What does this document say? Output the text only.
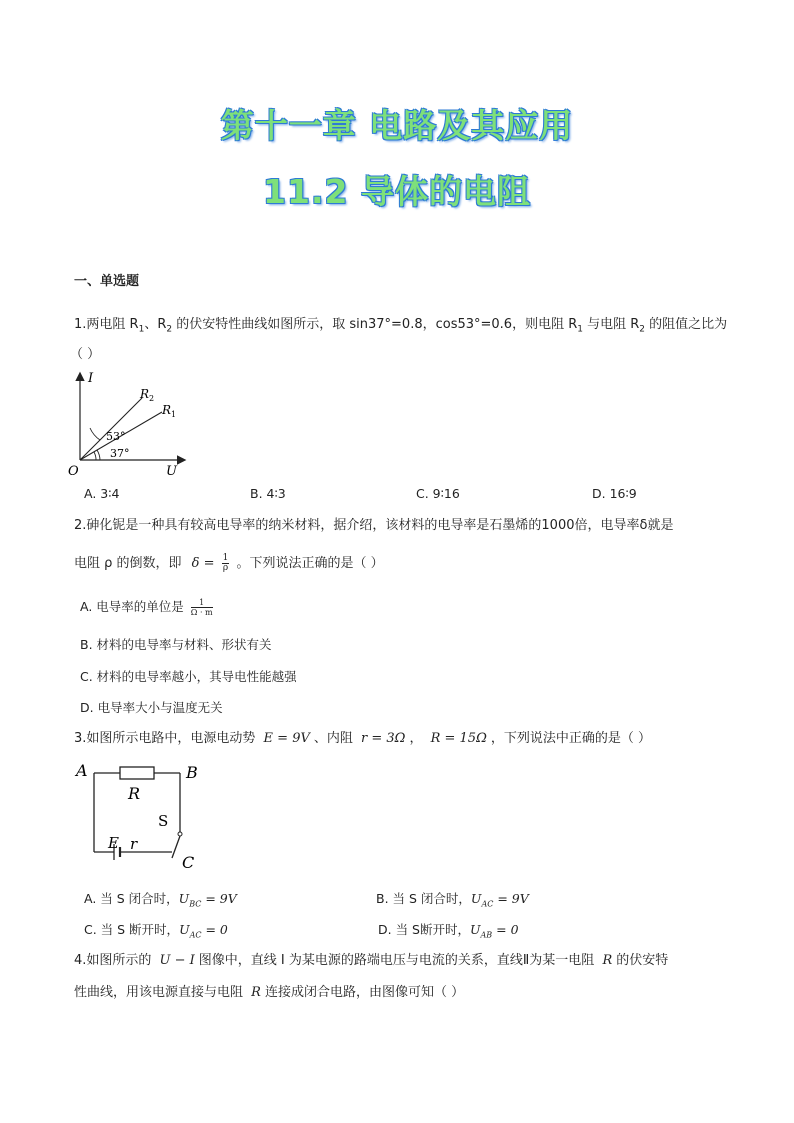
第十一章 电路及其应用
11.2 导体的电阻
一、单选题
1.两电阻 $R_1$、$R_2$ 的伏安特性曲线如图所示，取 sin37°=0.8，cos53°=0.6，则电阻 $R_1$ 与电阻 $R_2$ 的阻值之比为
（ ）
I
U
O
$R_2$
$R_1$
53°
37°
A. 3∶4	B. 4∶3	C. 9∶16	D. 16∶9
2.砷化铌是一种具有较高电导率的纳米材料，据介绍，该材料的电导率是石墨烯的1000倍，电导率δ就是
电阻 ρ 的倒数，即 $\delta = \frac{1}{\rho}$ 。下列说法正确的是（ ）
A. 电导率的单位是 $\frac{1}{\Omega \cdot m}$
B. 材料的电导率与材料、形状有关
C. 材料的电导率越小，其导电性能越强
D. 电导率大小与温度无关
3.如图所示电路中，电源电动势 E = 9V 、内阻 r = 3Ω ， R = 15Ω ，下列说法中正确的是（ ）
A	B
R
S
E r
C
A. 当 S 闭合时，$U_{BC} = 9V$	B. 当 S 闭合时，$U_{AC} = 9V$
C. 当 S 断开时，$U_{AC} = 0$	D. 当 S断开时，$U_{AB} = 0$
4.如图所示的 U − I 图像中，直线 I 为某电源的路端电压与电流的关系，直线Ⅱ为某一电阻 R 的伏安特
性曲线，用该电源直接与电阻 R 连接成闭合电路，由图像可知（ ）
